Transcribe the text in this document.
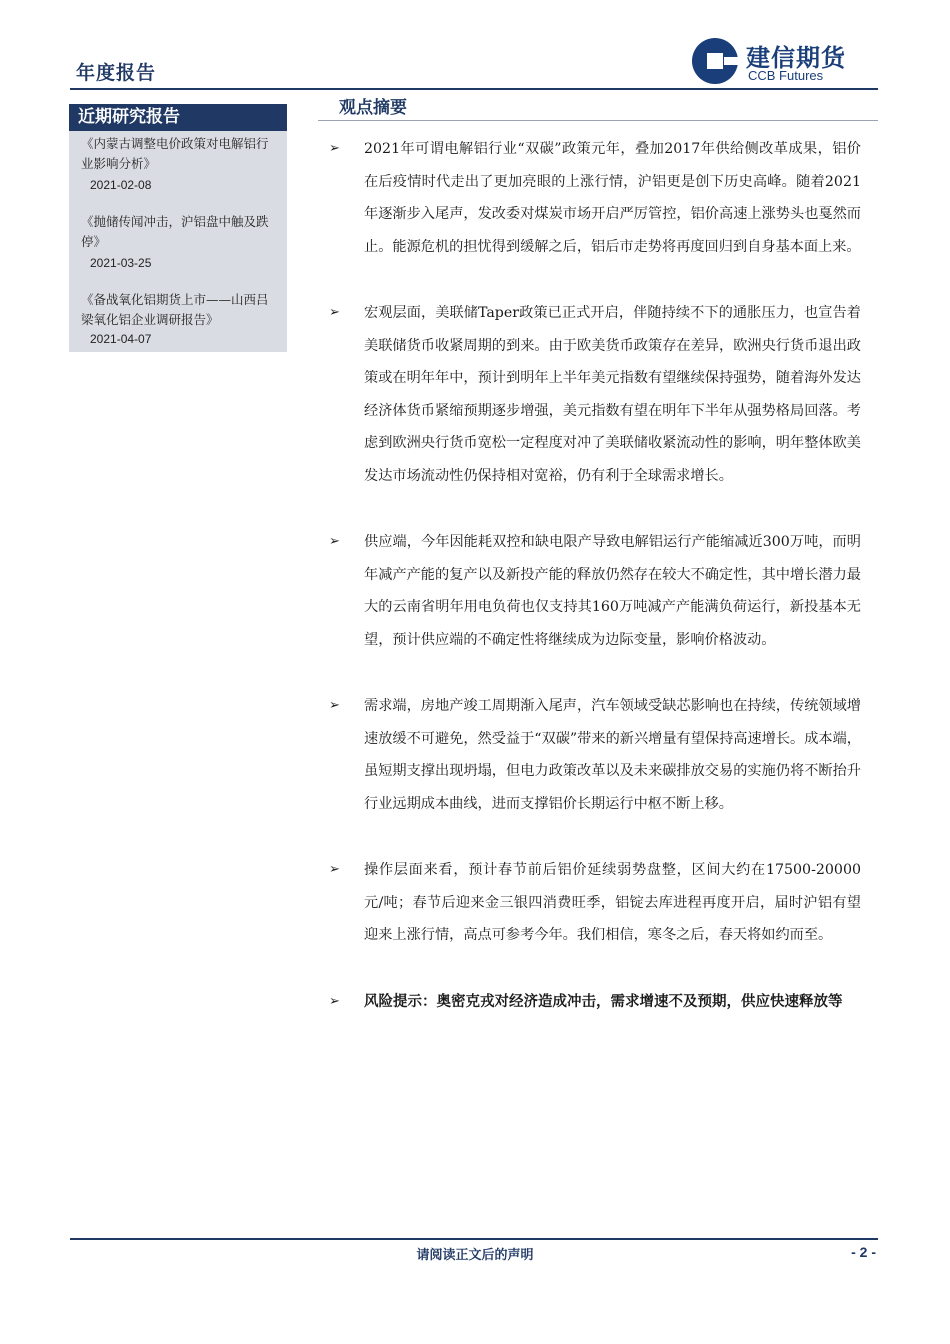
年度报告
建信期货
CCB Futures
近期研究报告
《内蒙古调整电价政策对电解铝行业影响分析》
2021-02-08
《抛储传闻冲击，沪铝盘中触及跌停》
2021-03-25
《备战氧化铝期货上市——山西吕梁氧化铝企业调研报告》
2021-04-07
观点摘要
➢ 2021年可谓电解铝行业“双碳”政策元年，叠加2017年供给侧改革成果，铝价在后疫情时代走出了更加亮眼的上涨行情，沪铝更是创下历史高峰。随着2021年逐渐步入尾声，发改委对煤炭市场开启严厉管控，铝价高速上涨势头也戛然而止。能源危机的担忧得到缓解之后，铝后市走势将再度回归到自身基本面上来。
➢ 宏观层面，美联储Taper政策已正式开启，伴随持续不下的通胀压力，也宣告着美联储货币收紧周期的到来。由于欧美货币政策存在差异，欧洲央行货币退出政策或在明年年中，预计到明年上半年美元指数有望继续保持强势，随着海外发达经济体货币紧缩预期逐步增强，美元指数有望在明年下半年从强势格局回落。考虑到欧洲央行货币宽松一定程度对冲了美联储收紧流动性的影响，明年整体欧美发达市场流动性仍保持相对宽裕，仍有利于全球需求增长。
➢ 供应端，今年因能耗双控和缺电限产导致电解铝运行产能缩减近300万吨，而明年减产产能的复产以及新投产能的释放仍然存在较大不确定性，其中增长潜力最大的云南省明年用电负荷也仅支持其160万吨减产产能满负荷运行，新投基本无望，预计供应端的不确定性将继续成为边际变量，影响价格波动。
➢ 需求端，房地产竣工周期渐入尾声，汽车领域受缺芯影响也在持续，传统领域增速放缓不可避免，然受益于“双碳”带来的新兴增量有望保持高速增长。成本端，虽短期支撑出现坍塌，但电力政策改革以及未来碳排放交易的实施仍将不断抬升行业远期成本曲线，进而支撑铝价长期运行中枢不断上移。
➢ 操作层面来看，预计春节前后铝价延续弱势盘整，区间大约在17500-20000元/吨；春节后迎来金三银四消费旺季，铝锭去库进程再度开启，届时沪铝有望迎来上涨行情，高点可参考今年。我们相信，寒冬之后，春天将如约而至。
➢ 风险提示：奥密克戎对经济造成冲击，需求增速不及预期，供应快速释放等
请阅读正文后的声明	- 2 -
